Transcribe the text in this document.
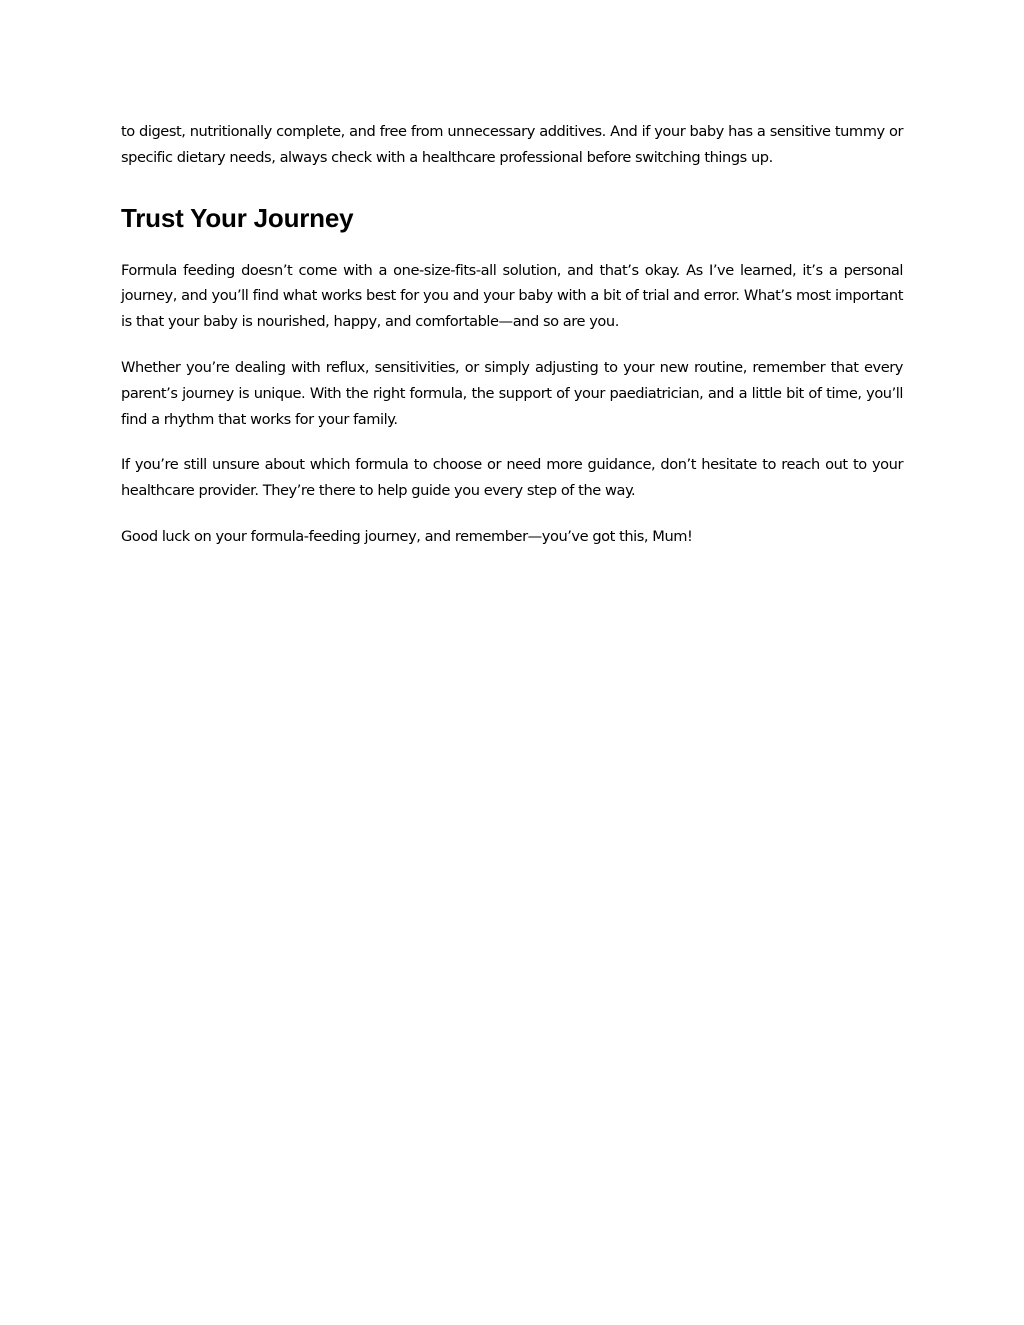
to digest, nutritionally complete, and free from unnecessary additives. And if your baby has a sensitive tummy or specific dietary needs, always check with a healthcare professional before switching things up.

Trust Your Journey

Formula feeding doesn’t come with a one-size-fits-all solution, and that’s okay. As I’ve learned, it’s a personal journey, and you’ll find what works best for you and your baby with a bit of trial and error. What’s most important is that your baby is nourished, happy, and comfortable—and so are you.

Whether you’re dealing with reflux, sensitivities, or simply adjusting to your new routine, remember that every parent’s journey is unique. With the right formula, the support of your paediatrician, and a little bit of time, you’ll find a rhythm that works for your family.

If you’re still unsure about which formula to choose or need more guidance, don’t hesitate to reach out to your healthcare provider. They’re there to help guide you every step of the way.

Good luck on your formula-feeding journey, and remember—you’ve got this, Mum!
